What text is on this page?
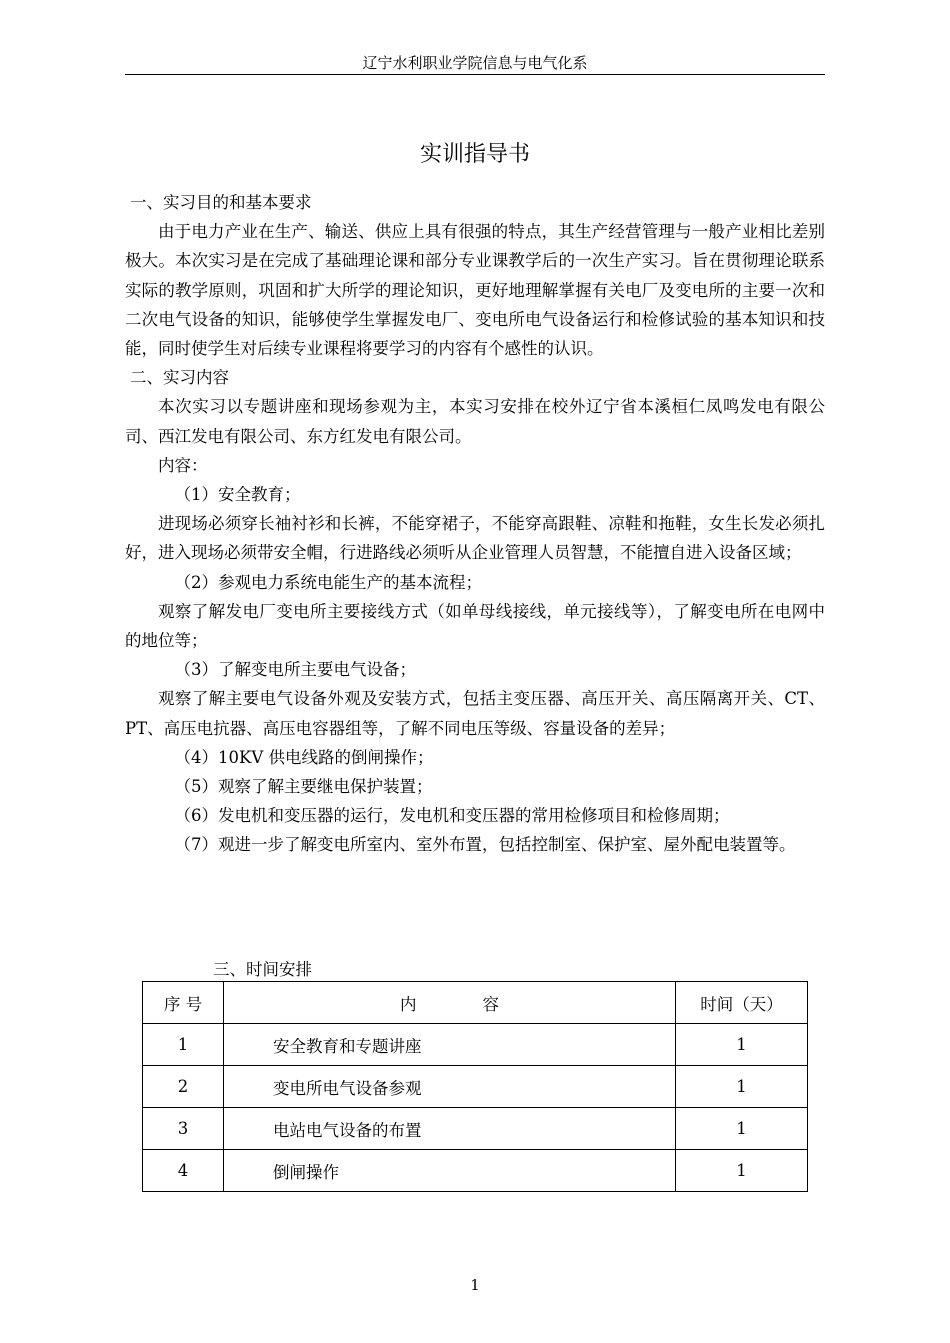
辽宁水利职业学院信息与电气化系
实训指导书

一、实习目的和基本要求

由于电力产业在生产、输送、供应上具有很强的特点，其生产经营管理与一般产业相比差别极大。本次实习是在完成了基础理论课和部分专业课教学后的一次生产实习。旨在贯彻理论联系实际的教学原则，巩固和扩大所学的理论知识，更好地理解掌握有关电厂及变电所的主要一次和二次电气设备的知识，能够使学生掌握发电厂、变电所电气设备运行和检修试验的基本知识和技能，同时使学生对后续专业课程将要学习的内容有个感性的认识。

二、实习内容

本次实习以专题讲座和现场参观为主，本实习安排在校外辽宁省本溪桓仁凤鸣发电有限公司、西江发电有限公司、东方红发电有限公司。

内容：

（1）安全教育；

进现场必须穿长袖衬衫和长裤，不能穿裙子，不能穿高跟鞋、凉鞋和拖鞋，女生长发必须扎好，进入现场必须带安全帽，行进路线必须听从企业管理人员智慧，不能擅自进入设备区域；

（2）参观电力系统电能生产的基本流程；

观察了解发电厂变电所主要接线方式（如单母线接线，单元接线等），了解变电所在电网中的地位等；

（3）了解变电所主要电气设备；

观察了解主要电气设备外观及安装方式，包括主变压器、高压开关、高压隔离开关、CT、PT、高压电抗器、高压电容器组等，了解不同电压等级、容量设备的差异；

（4）10KV 供电线路的倒闸操作；

（5）观察了解主要继电保护装置；

（6）发电机和变压器的运行，发电机和变压器的常用检修项目和检修周期；

（7）观进一步了解变电所室内、室外布置，包括控制室、保护室、屋外配电装置等。

三、时间安排
序 号	内　　　　容	时间（天）
1	安全教育和专题讲座	1
2	变电所电气设备参观	1
3	电站电气设备的布置	1
4	倒闸操作	1
1
